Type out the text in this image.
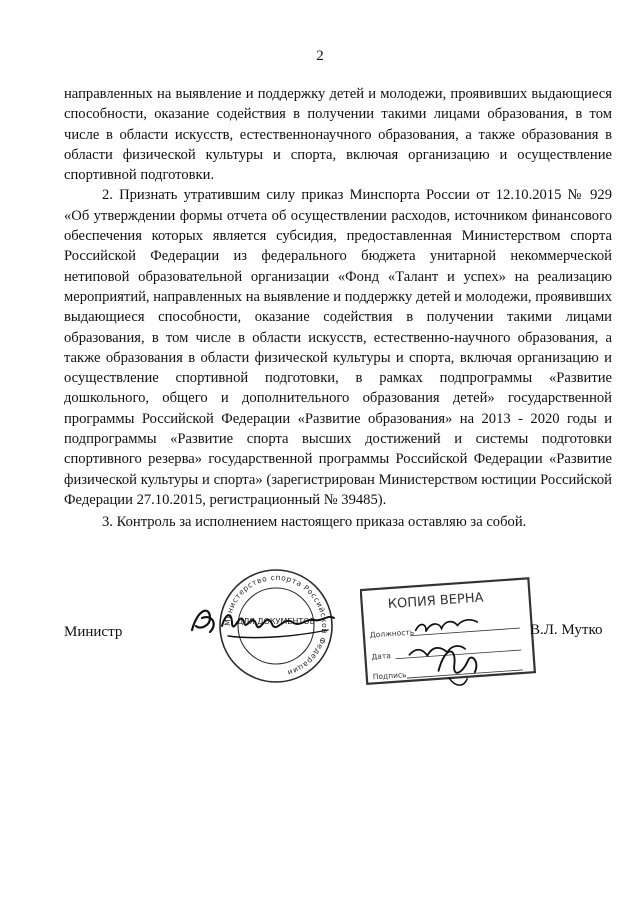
2

направленных на выявление и поддержку детей и молодежи, проявивших выдающиеся способности, оказание содействия в получении такими лицами образования, в том числе в области искусств, естественнонаучного образования, а также образования в области физической культуры и спорта, включая организацию и осуществление спортивной подготовки.

2. Признать утратившим силу приказ Минспорта России от 12.10.2015 № 929 «Об утверждении формы отчета об осуществлении расходов, источником финансового обеспечения которых является субсидия, предоставленная Министерством спорта Российской Федерации из федерального бюджета унитарной некоммерческой нетиповой образовательной организации «Фонд «Талант и успех» на реализацию мероприятий, направленных на выявление и поддержку детей и молодежи, проявивших выдающиеся способности, оказание содействия в получении такими лицами образования, в том числе в области искусств, естественно-научного образования, а также образования в области физической культуры и спорта, включая организацию и осуществление спортивной подготовки, в рамках подпрограммы «Развитие дошкольного, общего и дополнительного образования детей» государственной программы Российской Федерации «Развитие образования» на 2013 - 2020 годы и подпрограммы «Развитие спорта высших достижений и системы подготовки спортивного резерва» государственной программы Российской Федерации «Развитие физической культуры и спорта» (зарегистрирован Министерством юстиции Российской Федерации 27.10.2015, регистрационный № 39485).

3. Контроль за исполнением настоящего приказа оставляю за собой.

Министр
Министерство спорта Российской Федерации
ДЛЯ ДОКУМЕНТОВ
КОПИЯ ВЕРНА
Должность
Дата
Подпись
В.Л. Мутко
